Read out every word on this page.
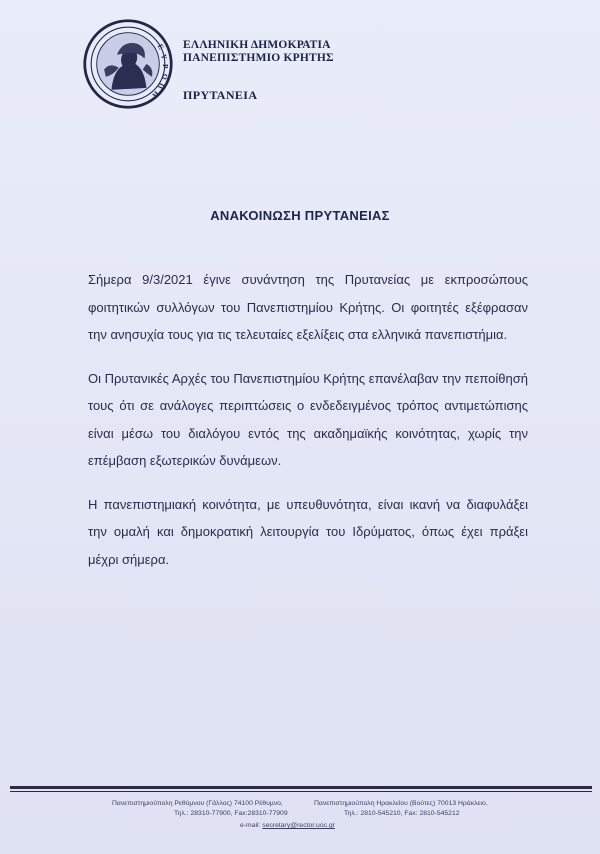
Ε
Υ
Ρ
Ω
Π
Η
ΕΛΛΗΝΙΚΗ ΔΗΜΟΚΡΑΤΙΑ
ΠΑΝΕΠΙΣΤΗΜΙΟ ΚΡΗΤΗΣ
ΠΡΥΤΑΝΕΙΑ
ΑΝΑΚΟΙΝΩΣΗ ΠΡΥΤΑΝΕΙΑΣ

Σήμερα 9/3/2021 έγινε συνάντηση της Πρυτανείας με εκπροσώπους φοιτητικών συλλόγων του Πανεπιστημίου Κρήτης. Οι φοιτητές εξέφρασαν την ανησυχία τους για τις τελευταίες εξελίξεις στα ελληνικά πανεπιστήμια.

Οι Πρυτανικές Αρχές του Πανεπιστημίου Κρήτης επανέλαβαν την πεποίθησή τους ότι σε ανάλογες περιπτώσεις ο ενδεδειγμένος τρόπος αντιμετώπισης είναι μέσω του διαλόγου εντός της ακαδημαϊκής κοινότητας, χωρίς την επέμβαση εξωτερικών δυνάμεων.

Η πανεπιστημιακή κοινότητα, με υπευθυνότητα, είναι ικανή να διαφυλάξει την ομαλή και δημοκρατική λειτουργία του Ιδρύματος, όπως έχει πράξει μέχρι σήμερα.

Πανεπιστημιούπολη Ρεθύμνου (Γάλλος) 74100 Ρέθυμνο,
Τηλ.: 28310-77900, Fax:28310-77909
Πανεπιστημιούπολη Ηρακλείου (Βούτες) 70013 Ηράκλειο,
Τηλ.: 2810-545210, Fax: 2810-545212
e-mail: secretary@rector.uoc.gr
